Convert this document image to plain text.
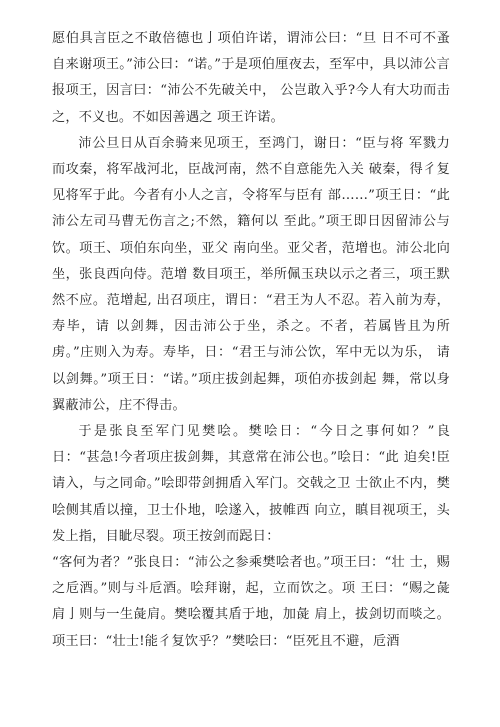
愿伯具言臣之不敢倍德也亅项伯许诺，谓沛公曰：“旦 日不可不蚤自来谢项王。”沛公曰：“诺。”于是项伯厘夜去，至军中，具以沛公言报项王，因言曰：“沛公不先破关中， 公岂敢入乎?今人有大功而击之，不义也。不如因善遇之 项王许诺。

沛公旦日从百余骑来见项王，至鸿门，谢日：“臣与将 军戮力而攻秦，将军战河北，臣战河南，然不自意能先入关 破秦，得彳复见将军于此。今者有小人之言，令将军与臣有 部……”项王日：“此沛公左司马曹无伤言之;不然，籍何以 至此。”项王即日因留沛公与饮。项王、项伯东向坐，亚父 南向坐。亚父者，范增也。沛公北向坐，张良西向侍。范增 数目项王，举所佩玉玦以示之者三，项王默然不应。范增起, 出召项庄，谓日：“君王为人不忍。若入前为寿，寿毕，请 以剑舞，因击沛公于坐，杀之。不者，若属皆且为所虏。”庄则入为寿。寿毕，日：“君王与沛公饮，军中无以为乐， 请以剑舞。”项王日：“诺。”项庄拔剑起舞，项伯亦拔剑起 舞，常以身翼蔽沛公，庄不得击。

于是张良至军门见樊哙。樊哙日：“今日之事何如？”良 日：“甚急!今者项庄拔剑舞，其意常在沛公也。”哙日：“此 迫矣!臣请入，与之同命。”哙即带剑拥盾入军门。交戟之卫 士欲止不内，樊哙侧其盾以撞，卫士仆地，哙遂入，披帷西 向立，瞋目视项王，头发上指，目眦尽裂。项王按剑而跽日：

“客何为者？”张良日：“沛公之参乘樊哙者也。”项王曰：“壮 士，赐之卮酒。”则与斗卮酒。哙拜谢，起，立而饮之。项 王曰：“赐之彘肩亅则与一生彘肩。樊哙覆其盾于地，加彘 肩上，拔剑切而啖之。项王曰：“壮士!能彳复饮乎？”樊哙曰：“臣死且不避，卮酒
